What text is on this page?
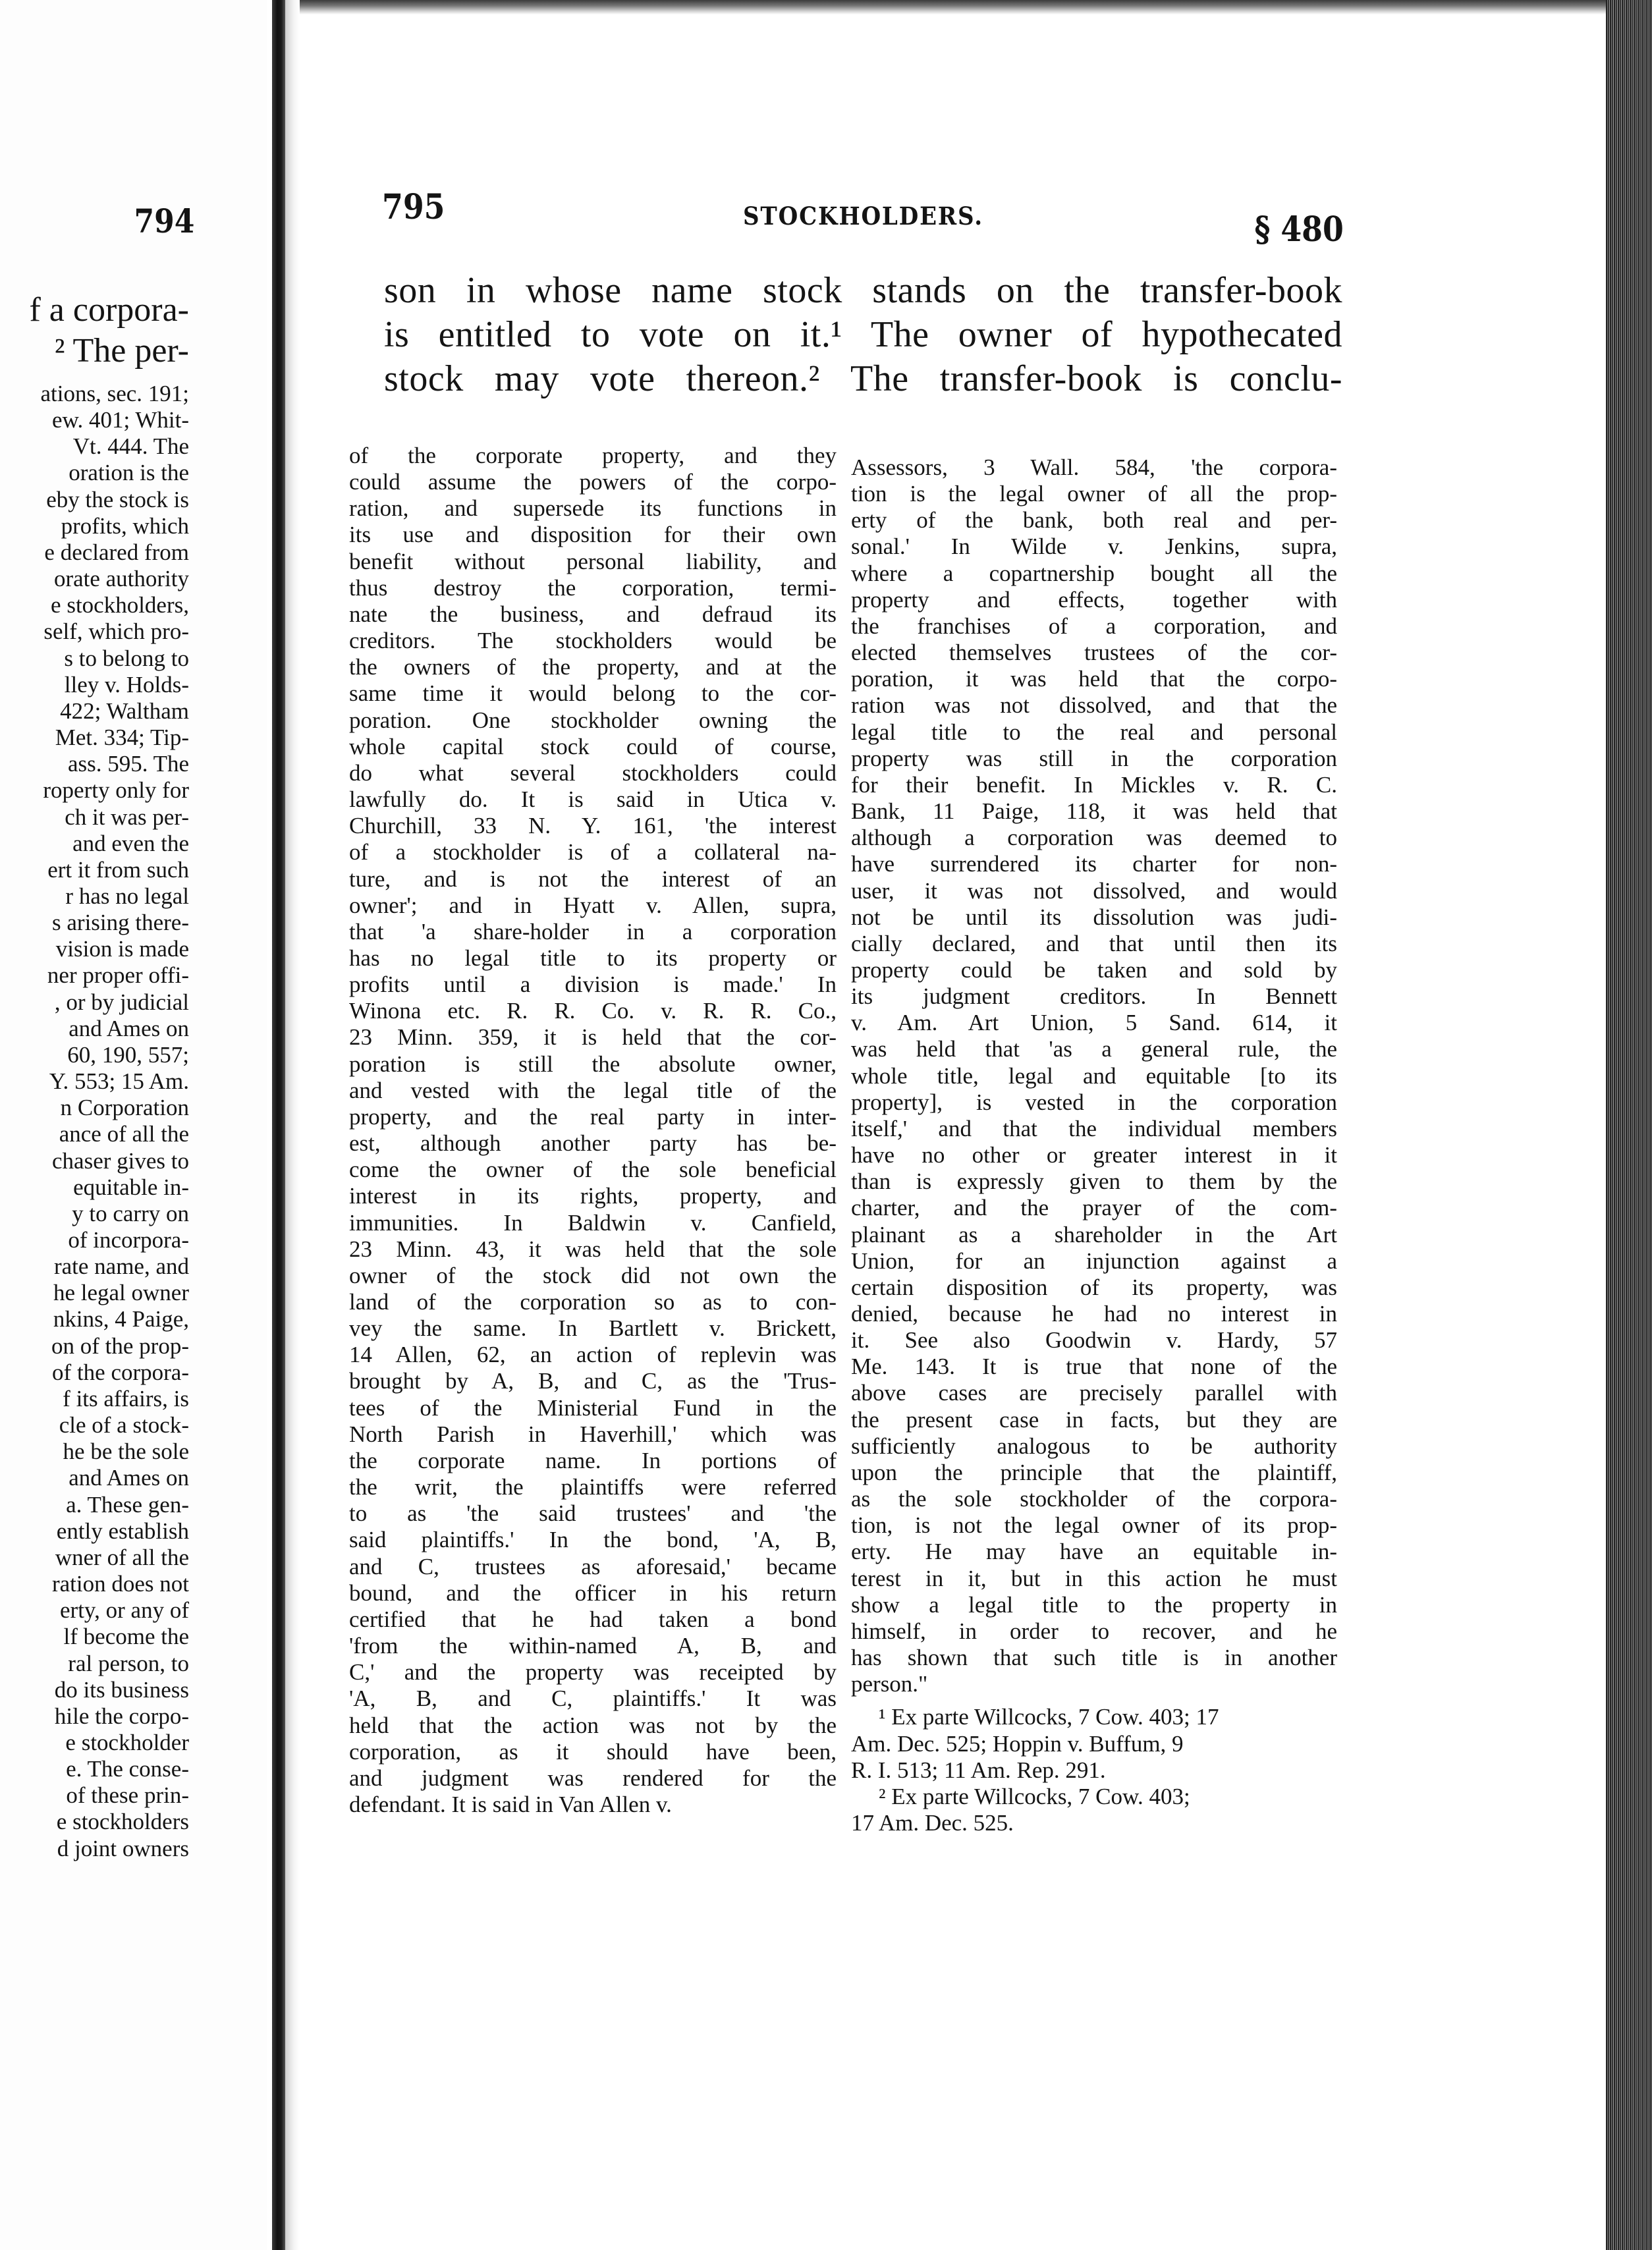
794
f a corpora-
² The per-
ations, sec. 191;
ew. 401; Whit-
Vt. 444. The
oration is the
eby the stock is
profits, which
e declared from
orate authority
e stockholders,
self, which pro-
s to belong to
lley v. Holds-
422; Waltham
Met. 334; Tip-
ass. 595. The
roperty only for
ch it was per-
and even the
ert it from such
r has no legal
s arising there-
vision is made
ner proper offi-
, or by judicial
and Ames on
60, 190, 557;
Y. 553; 15 Am.
n Corporation
ance of all the
chaser gives to
equitable in-
y to carry on
of incorpora-
rate name, and
he legal owner
nkins, 4 Paige,
on of the prop-
of the corpora-
f its affairs, is
cle of a stock-
he be the sole
and Ames on
a. These gen-
ently establish
wner of all the
ration does not
erty, or any of
lf become the
ral person, to
do its business
hile the corpo-
e stockholder
e. The conse-
of these prin-
e stockholders
d joint owners
795	STOCKHOLDERS.	§ 480
son in whose name stock stands on the transfer-book
is entitled to vote on it.¹ The owner of hypothecated
stock may vote thereon.² The transfer-book is conclu-
of the corporate property, and they
could assume the powers of the corpo-
ration, and supersede its functions in
its use and disposition for their own
benefit without personal liability, and
thus destroy the corporation, termi-
nate the business, and defraud its
creditors. The stockholders would be
the owners of the property, and at the
same time it would belong to the cor-
poration. One stockholder owning the
whole capital stock could of course,
do what several stockholders could
lawfully do. It is said in Utica v.
Churchill, 33 N. Y. 161, 'the interest
of a stockholder is of a collateral na-
ture, and is not the interest of an
owner'; and in Hyatt v. Allen, supra,
that 'a share-holder in a corporation
has no legal title to its property or
profits until a division is made.' In
Winona etc. R. R. Co. v. R. R. Co.,
23 Minn. 359, it is held that the cor-
poration is still the absolute owner,
and vested with the legal title of the
property, and the real party in inter-
est, although another party has be-
come the owner of the sole beneficial
interest in its rights, property, and
immunities. In Baldwin v. Canfield,
23 Minn. 43, it was held that the sole
owner of the stock did not own the
land of the corporation so as to con-
vey the same. In Bartlett v. Brickett,
14 Allen, 62, an action of replevin was
brought by A, B, and C, as the 'Trus-
tees of the Ministerial Fund in the
North Parish in Haverhill,' which was
the corporate name. In portions of
the writ, the plaintiffs were referred
to as 'the said trustees' and 'the
said plaintiffs.' In the bond, 'A, B,
and C, trustees as aforesaid,' became
bound, and the officer in his return
certified that he had taken a bond
'from the within-named A, B, and
C,' and the property was receipted by
'A, B, and C, plaintiffs.' It was
held that the action was not by the
corporation, as it should have been,
and judgment was rendered for the
defendant. It is said in Van Allen v.
Assessors, 3 Wall. 584, 'the corpora-
tion is the legal owner of all the prop-
erty of the bank, both real and per-
sonal.' In Wilde v. Jenkins, supra,
where a copartnership bought all the
property and effects, together with
the franchises of a corporation, and
elected themselves trustees of the cor-
poration, it was held that the corpo-
ration was not dissolved, and that the
legal title to the real and personal
property was still in the corporation
for their benefit. In Mickles v. R. C.
Bank, 11 Paige, 118, it was held that
although a corporation was deemed to
have surrendered its charter for non-
user, it was not dissolved, and would
not be until its dissolution was judi-
cially declared, and that until then its
property could be taken and sold by
its judgment creditors. In Bennett
v. Am. Art Union, 5 Sand. 614, it
was held that 'as a general rule, the
whole title, legal and equitable [to its
property], is vested in the corporation
itself,' and that the individual members
have no other or greater interest in it
than is expressly given to them by the
charter, and the prayer of the com-
plainant as a shareholder in the Art
Union, for an injunction against a
certain disposition of its property, was
denied, because he had no interest in
it. See also Goodwin v. Hardy, 57
Me. 143. It is true that none of the
above cases are precisely parallel with
the present case in facts, but they are
sufficiently analogous to be authority
upon the principle that the plaintiff,
as the sole stockholder of the corpora-
tion, is not the legal owner of its prop-
erty. He may have an equitable in-
terest in it, but in this action he must
show a legal title to the property in
himself, in order to recover, and he
has shown that such title is in another
person."
¹ Ex parte Willcocks, 7 Cow. 403; 17
Am. Dec. 525; Hoppin v. Buffum, 9
R. I. 513; 11 Am. Rep. 291.
² Ex parte Willcocks, 7 Cow. 403;
17 Am. Dec. 525.
